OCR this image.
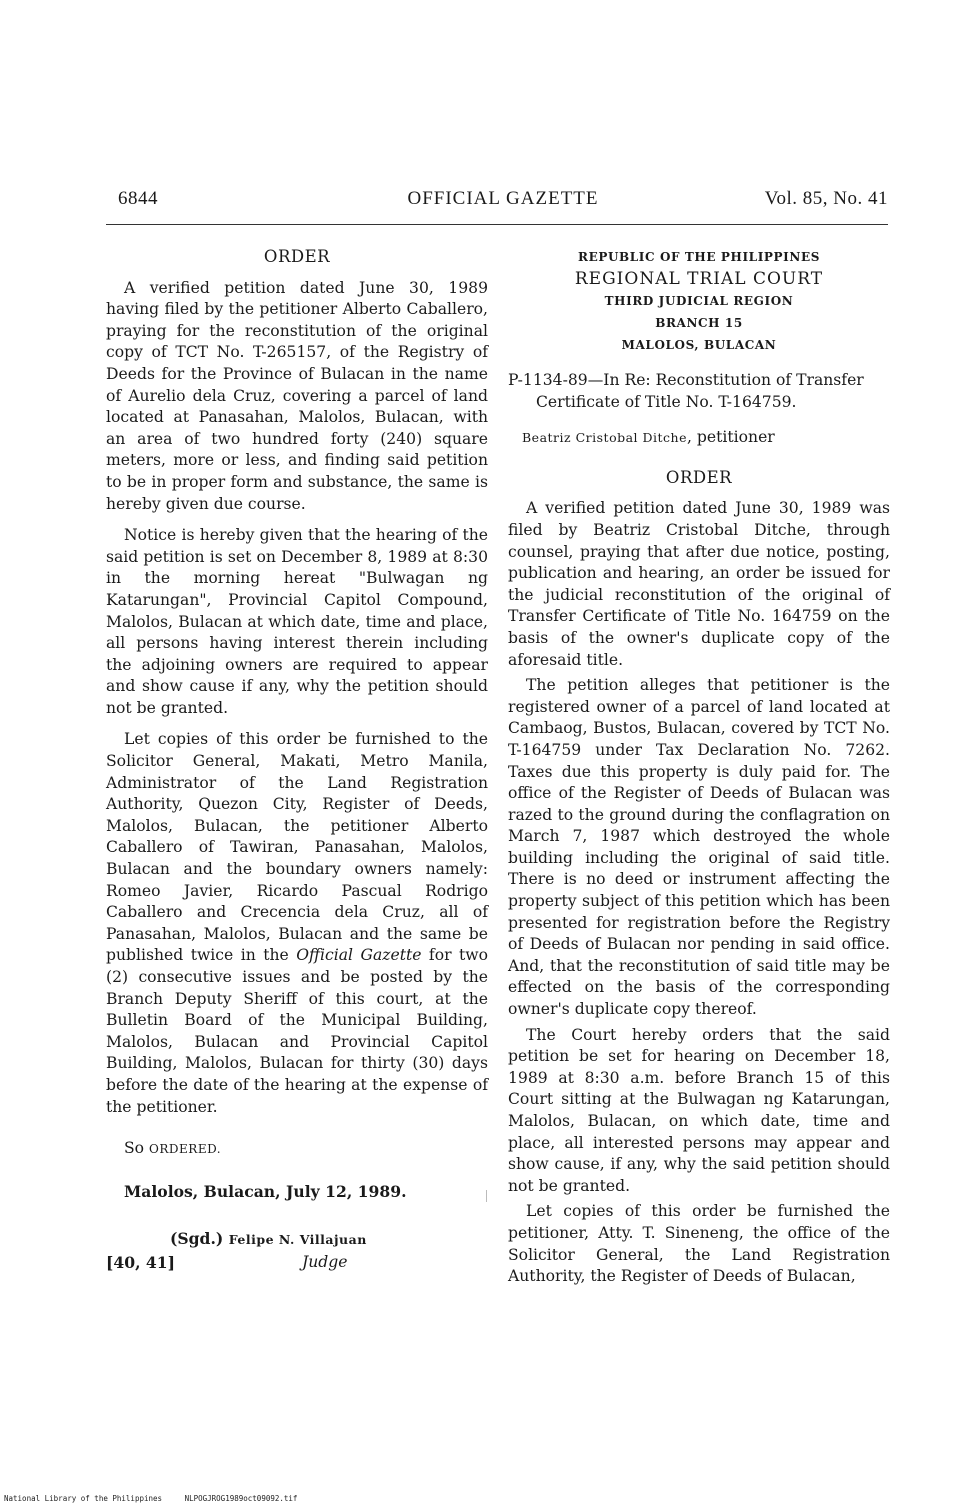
6844	OFFICIAL GAZETTE	Vol. 85, No. 41
ORDER

A verified petition dated June 30, 1989 having filed by the petitioner Alberto Caballero, praying for the reconstitution of the original copy of TCT No. T-265157, of the Registry of Deeds for the Province of Bulacan in the name of Aurelio dela Cruz, covering a parcel of land located at Panasahan, Malolos, Bulacan, with an area of two hundred forty (240) square meters, more or less, and finding said petition to be in proper form and substance, the same is hereby given due course.

Notice is hereby given that the hearing of the said petition is set on December 8, 1989 at 8:30 in the morning hereat "Bulwagan ng Katarungan", Provincial Capitol Compound, Malolos, Bulacan at which date, time and place, all persons having interest therein including the adjoining owners are required to appear and show cause if any, why the petition should not be granted.

Let copies of this order be furnished to the Solicitor General, Makati, Metro Manila, Administrator of the Land Registration Authority, Quezon City, Register of Deeds, Malolos, Bulacan, the petitioner Alberto Caballero of Tawiran, Panasahan, Malolos, Bulacan and the boundary owners namely: Romeo Javier, Ricardo Pascual Rodrigo Caballero and Crecencia dela Cruz, all of Panasahan, Malolos, Bulacan and the same be published twice in the Official Gazette for two (2) consecutive issues and be posted by the Branch Deputy Sheriff of this court, at the Bulletin Board of the Municipal Building, Malolos, Bulacan and Provincial Capitol Building, Malolos, Bulacan for thirty (30) days before the date of the hearing at the expense of the petitioner.

So ORDERED.
Malolos, Bulacan, July 12, 1989.
(Sgd.) Felipe N. Villajuan
[40, 41]	Judge
REPUBLIC OF THE PHILIPPINES
REGIONAL TRIAL COURT
THIRD JUDICIAL REGION
BRANCH 15
MALOLOS, BULACAN
P-1134-89—In Re: Reconstitution of Transfer Certificate of Title No. T-164759.
Beatriz Cristobal Ditche, petitioner
ORDER

A verified petition dated June 30, 1989 was filed by Beatriz Cristobal Ditche, through counsel, praying that after due notice, posting, publication and hearing, an order be issued for the judicial reconstitution of the original of Transfer Certificate of Title No. 164759 on the basis of the owner's duplicate copy of the aforesaid title.

The petition alleges that petitioner is the registered owner of a parcel of land located at Cambaog, Bustos, Bulacan, covered by TCT No. T-164759 under Tax Declaration No. 7262. Taxes due this property is duly paid for. The office of the Register of Deeds of Bulacan was razed to the ground during the conflagration on March 7, 1987 which destroyed the whole building including the original of said title. There is no deed or instrument affecting the property subject of this petition which has been presented for registration before the Registry of Deeds of Bulacan nor pending in said office. And, that the reconstitution of said title may be effected on the basis of the corresponding owner's duplicate copy thereof.

The Court hereby orders that the said petition be set for hearing on December 18, 1989 at 8:30 a.m. before Branch 15 of this Court sitting at the Bulwagan ng Katarungan, Malolos, Bulacan, on which date, time and place, all interested persons may appear and show cause, if any, why the said petition should not be granted.

Let copies of this order be furnished the petitioner, Atty. T. Sineneng, the office of the Solicitor General, the Land Registration Authority, the Register of Deeds of Bulacan,

National Library of the Philippines	NLPOGJROG1989oct09092.tif
